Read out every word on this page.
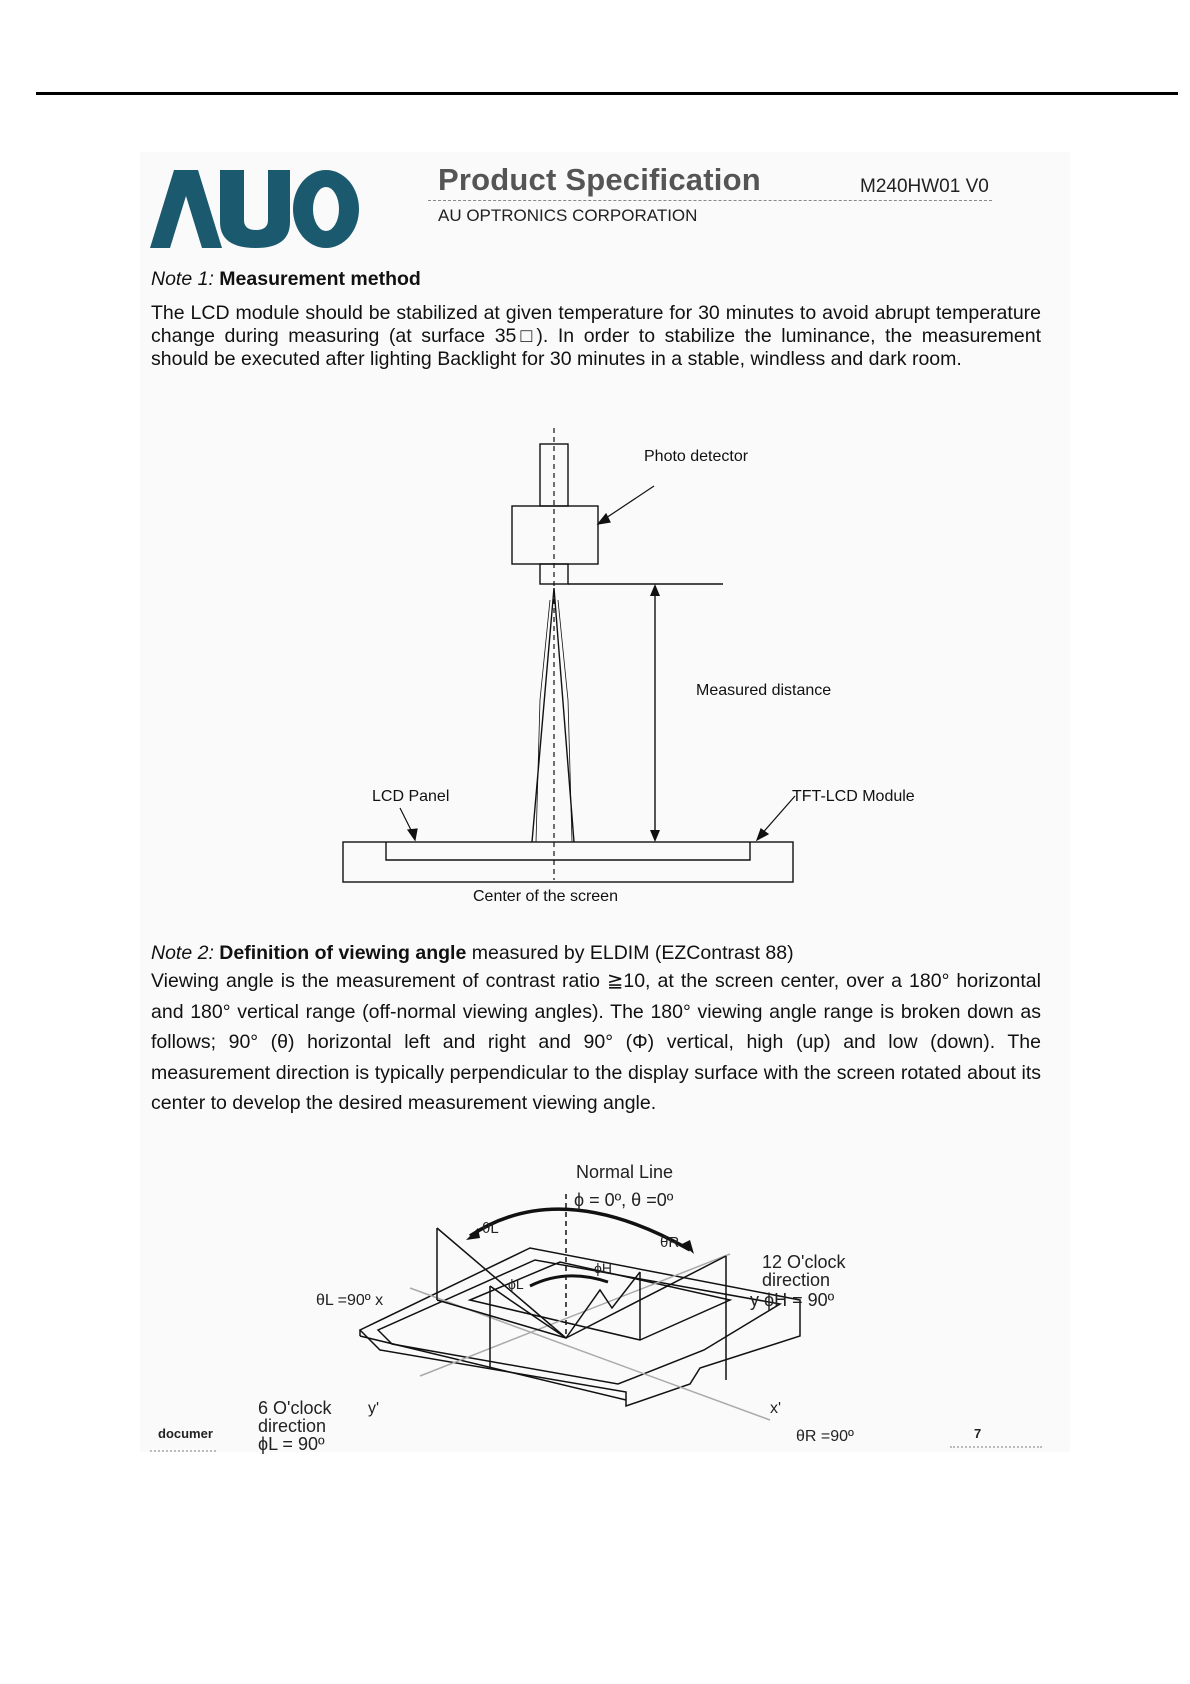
Product Specification	M240HW01 V0
AU OPTRONICS CORPORATION
Note 1: Measurement method
The LCD module should be stabilized at given temperature for 30 minutes to avoid abrupt temperature change during measuring (at surface 35□). In order to stabilize the luminance, the measurement should be executed after lighting Backlight for 30 minutes in a stable, windless and dark room.
Photo detector
Measured distance
LCD Panel	TFT-LCD Module
Center of the screen
Note 2: Definition of viewing angle measured by ELDIM (EZContrast 88)
Viewing angle is the measurement of contrast ratio ≧10, at the screen center, over a 180° horizontal and 180° vertical range (off-normal viewing angles). The 180° viewing angle range is broken down as follows; 90° (θ) horizontal left and right and 90° (Φ) vertical, high (up) and low (down). The measurement direction is typically perpendicular to the display surface with the screen rotated about its center to develop the desired measurement viewing angle.
Normal Line
ϕ = 0º, θ =0º
θL
θR
ϕH
ϕL
θL =90º x
12 O'clock
direction
y ϕH = 90º
6 O'clock
direction
ϕL = 90º
y'	x'
θR =90º
documer	7
